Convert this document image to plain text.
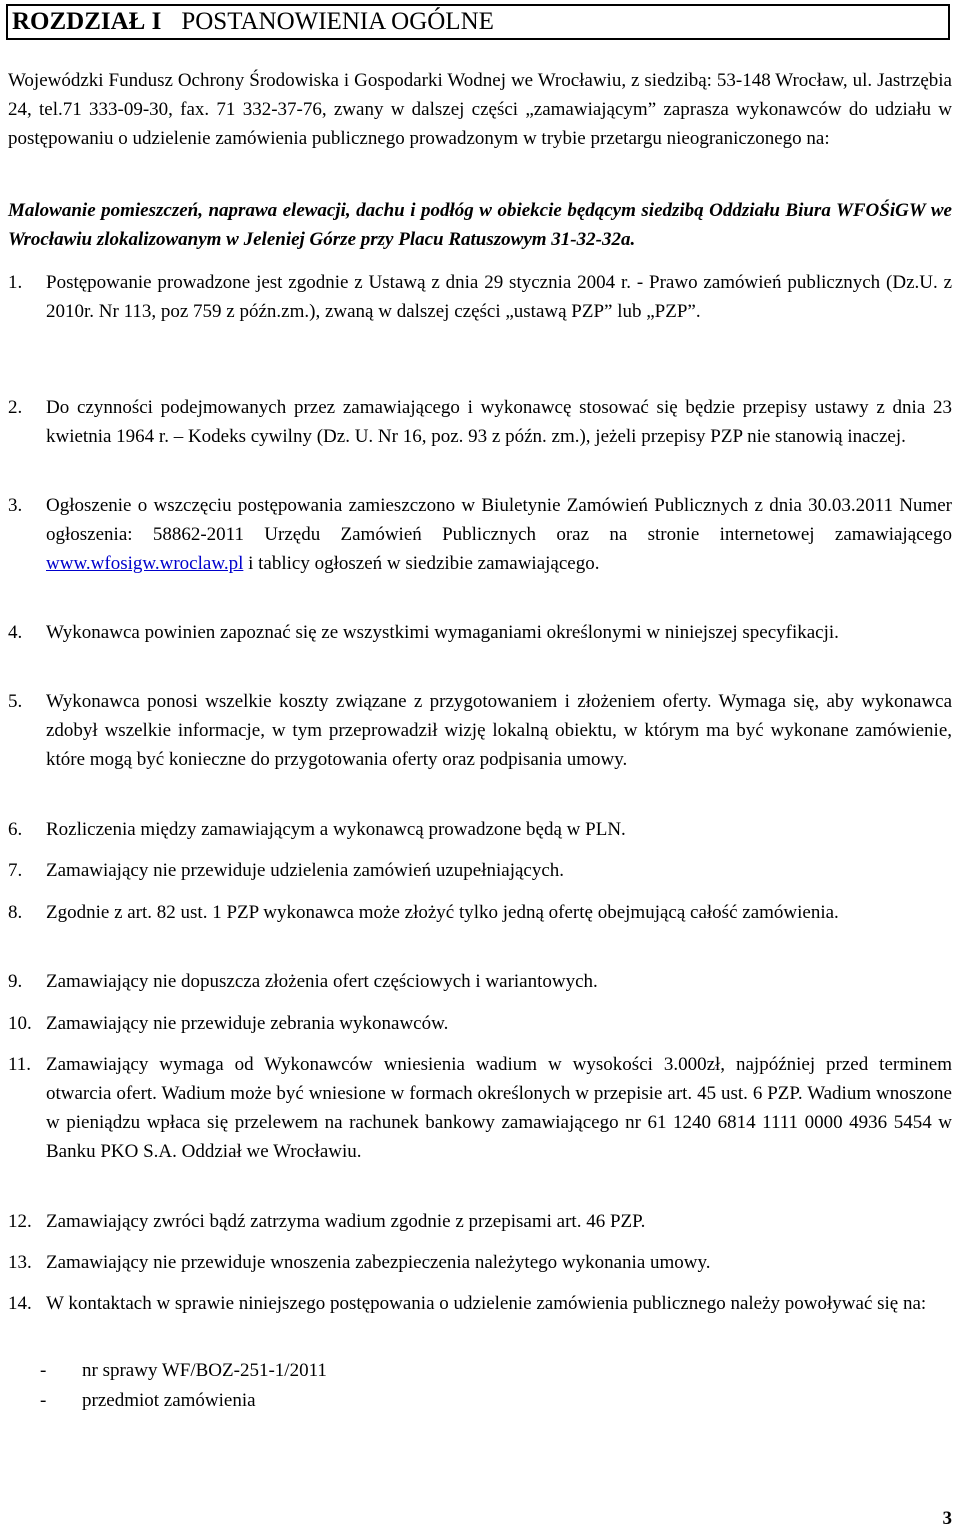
ROZDZIAŁ I POSTANOWIENIA OGÓLNE

Wojewódzki Fundusz Ochrony Środowiska i Gospodarki Wodnej we Wrocławiu, z siedzibą: 53-148 Wrocław, ul. Jastrzębia 24, tel.71 333-09-30, fax. 71 332-37-76, zwany w dalszej części „zamawiającym” zaprasza wykonawców do udziału w postępowaniu o udzielenie zamówienia publicznego prowadzonym w trybie przetargu nieograniczonego na:

Malowanie pomieszczeń, naprawa elewacji, dachu i podłóg w obiekcie będącym siedzibą Oddziału Biura WFOŚiGW we Wrocławiu zlokalizowanym w Jeleniej Górze przy Placu Ratuszowym 31-32-32a.
1.	Postępowanie prowadzone jest zgodnie z Ustawą z dnia 29 stycznia 2004 r. - Prawo zamówień publicznych (Dz.U. z 2010r. Nr 113, poz 759 z późn.zm.), zwaną w dalszej części „ustawą PZP” lub „PZP”.
2.	Do czynności podejmowanych przez zamawiającego i wykonawcę stosować się będzie przepisy ustawy z dnia 23 kwietnia 1964 r. – Kodeks cywilny (Dz. U. Nr 16, poz. 93 z późn. zm.), jeżeli przepisy PZP nie stanowią inaczej.
3.	Ogłoszenie o wszczęciu postępowania zamieszczono w Biuletynie Zamówień Publicznych z dnia 30.03.2011 Numer ogłoszenia: 58862-2011 Urzędu Zamówień Publicznych oraz na stronie internetowej zamawiającego www.wfosigw.wroclaw.pl i tablicy ogłoszeń w siedzibie zamawiającego.
4.	Wykonawca powinien zapoznać się ze wszystkimi wymaganiami określonymi w niniejszej specyfikacji.
5.	Wykonawca ponosi wszelkie koszty związane z przygotowaniem i złożeniem oferty. Wymaga się, aby wykonawca zdobył wszelkie informacje, w tym przeprowadził wizję lokalną obiektu, w którym ma być wykonane zamówienie, które mogą być konieczne do przygotowania oferty oraz podpisania umowy.
6.	Rozliczenia między zamawiającym a wykonawcą prowadzone będą w PLN.
7.	Zamawiający nie przewiduje udzielenia zamówień uzupełniających.
8.	Zgodnie z art. 82 ust. 1 PZP wykonawca może złożyć tylko jedną ofertę obejmującą całość zamówienia.
9.	Zamawiający nie dopuszcza złożenia ofert częściowych i wariantowych.
10. Zamawiający nie przewiduje zebrania wykonawców.
11. Zamawiający wymaga od Wykonawców wniesienia wadium w wysokości 3.000zł, najpóźniej przed terminem otwarcia ofert. Wadium może być wniesione w formach określonych w przepisie art. 45 ust. 6 PZP. Wadium wnoszone w pieniądzu wpłaca się przelewem na rachunek bankowy zamawiającego nr 61 1240 6814 1111 0000 4936 5454 w Banku PKO S.A. Oddział we Wrocławiu.
12. Zamawiający zwróci bądź zatrzyma wadium zgodnie z przepisami art. 46 PZP.
13. Zamawiający nie przewiduje wnoszenia zabezpieczenia należytego wykonania umowy.
14. W kontaktach w sprawie niniejszego postępowania o udzielenie zamówienia publicznego należy powoływać się na:
-	nr sprawy WF/BOZ-251-1/2011
-	przedmiot zamówienia
3
